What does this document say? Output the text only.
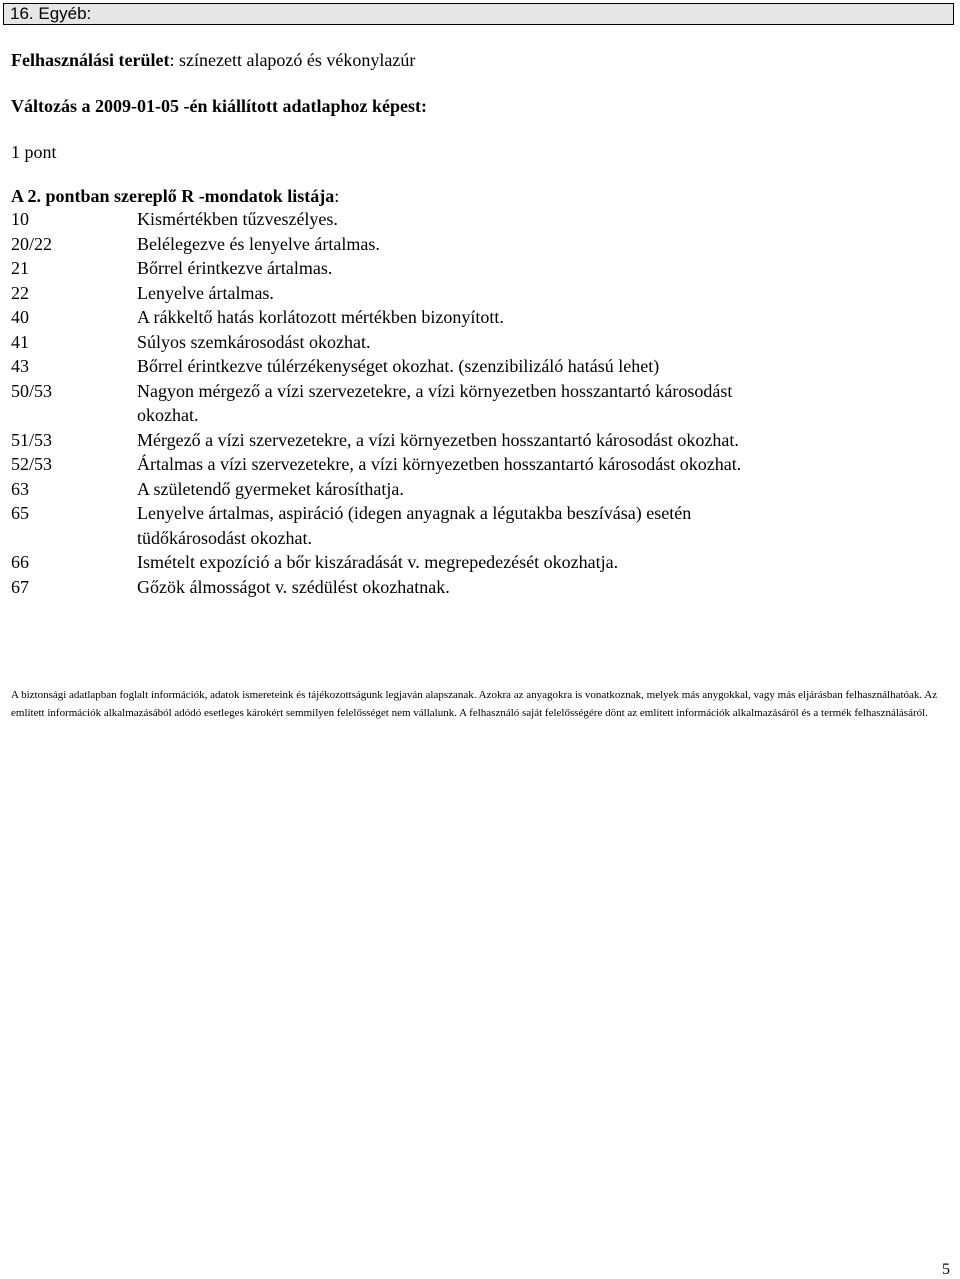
16. Egyéb:
Felhasználási terület: színezett alapozó és vékonylazúr
Változás a 2009-01-05 -én kiállított adatlaphoz képest:
1 pont
A 2. pontban szereplő R -mondatok listája:
10	Kismértékben tűzveszélyes.
20/22	Belélegezve és lenyelve ártalmas.
21	Bőrrel érintkezve ártalmas.
22	Lenyelve ártalmas.
40	A rákkeltő hatás korlátozott mértékben bizonyított.
41	Súlyos szemkárosodást okozhat.
43	Bőrrel érintkezve túlérzékenységet okozhat. (szenzibilizáló hatású lehet)
50/53	Nagyon mérgező a vízi szervezetekre, a vízi környezetben hosszantartó károsodást okozhat.
51/53	Mérgező a vízi szervezetekre, a vízi környezetben hosszantartó károsodást okozhat.
52/53	Ártalmas a vízi szervezetekre, a vízi környezetben hosszantartó károsodást okozhat.
63	A születendő gyermeket károsíthatja.
65	Lenyelve ártalmas, aspiráció (idegen anyagnak a légutakba beszívása) esetén tüdőkárosodást okozhat.
66	Ismételt expozíció a bőr kiszáradását v. megrepedezését okozhatja.
67	Gőzök álmosságot v. szédülést okozhatnak.
A biztonsági adatlapban foglalt információk, adatok ismereteink és tájékozottságunk legjaván alapszanak. Azokra az anyagokra is vonatkoznak, melyek más anygokkal, vagy más eljárásban felhasználhatóak. Az említett információk alkalmazásából adódó esetleges károkért semmilyen felelősséget nem vállalunk. A felhasználó saját felelősségére dönt az említett információk alkalmazásáról és a termék felhasználásáról.
5
